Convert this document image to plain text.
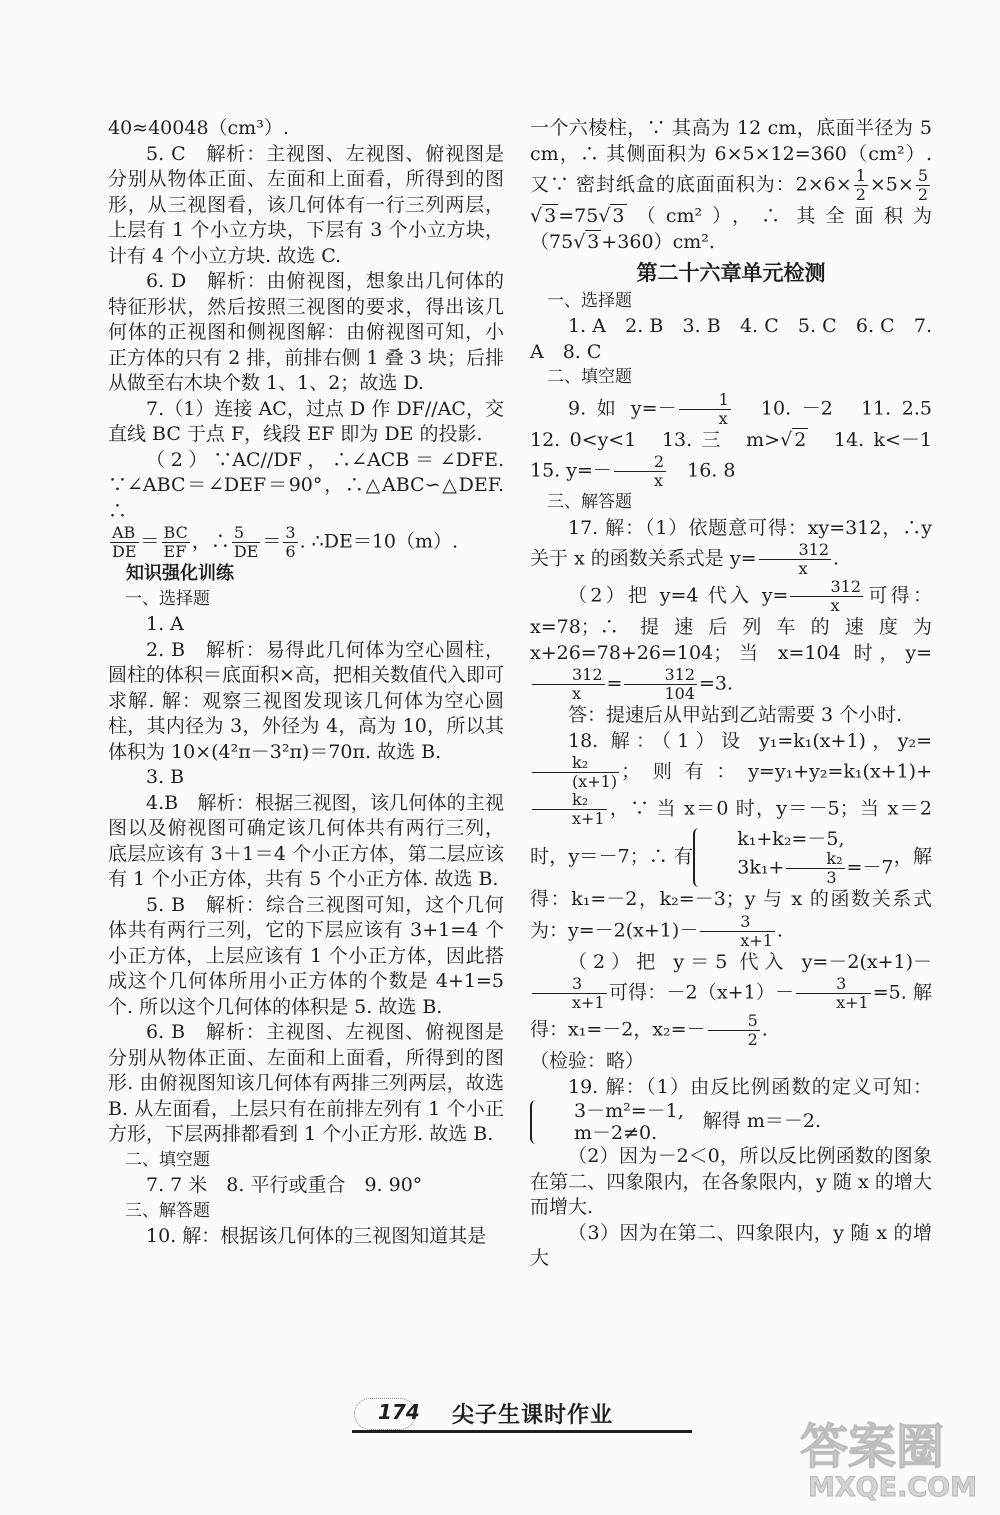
40≈40048（cm³）.

5. C　解析：主视图、左视图、俯视图是分别从物体正面、左面和上面看，所得到的图形，从三视图看，该几何体有一行三列两层，上层有 1 个小立方块，下层有 3 个小立方块，计有 4 个小立方块. 故选 C.

6. D　解析：由俯视图，想象出几何体的特征形状，然后按照三视图的要求，得出该几何体的正视图和侧视图解：由俯视图可知，小正方体的只有 2 排，前排右侧 1 叠 3 块；后排从做至右木块个数 1、1、2；故选 D.

7.（1）连接 AC，过点 D 作 DF//AC，交直线 BC 于点 F，线段 EF 即为 DE 的投影.

（2）∵AC//DF，∴∠ACB＝∠DFE. ∵∠ABC＝∠DEF＝90°，∴△ABC∽△DEF. ∴

$\frac{AB}{DE} = \frac{BC}{EF}$ ，∴ $\frac{5}{DE} = \frac{3}{6}$ . ∴DE＝10（m）.

知识强化训练

一、选择题

1. A

2. B　解析：易得此几何体为空心圆柱，圆柱的体积＝底面积×高，把相关数值代入即可求解. 解：观察三视图发现该几何体为空心圆柱，其内径为 3，外径为 4，高为 10，所以其体积为 10×(4²π－3²π)＝70π. 故选 B.

3. B

4.B　解析：根据三视图，该几何体的主视图以及俯视图可确定该几何体共有两行三列，底层应该有 3＋1＝4 个小正方体，第二层应该有 1 个小正方体，共有 5 个小正方体. 故选 B.

5. B　解析：综合三视图可知，这个几何体共有两行三列，它的下层应该有 3+1=4 个小正方体，上层应该有 1 个小正方体，因此搭成这个几何体所用小正方体的个数是 4+1=5 个. 所以这个几何体的体积是 5. 故选 B.

6. B　解析：主视图、左视图、俯视图是分别从物体正面、左面和上面看，所得到的图形. 由俯视图知该几何体有两排三列两层，故选 B. 从左面看，上层只有在前排左列有 1 个小正方形，下层两排都看到 1 个小正方形. 故选 B.

二、填空题

7. 7 米　8. 平行或重合　9. 90°

三、解答题

10. 解：根据该几何体的三视图知道其是

一个六棱柱，∵ 其高为 12 cm，底面半径为 5 cm，∴ 其侧面积为 6×5×12=360（cm²）. 又∵ 密封纸盒的底面面积为：$2\times 6\times \frac{1}{2} \times 5\times \frac{5}{2}$
√ 3 =75√ 3 （cm²），∴ 其全面积为（75√ 3 +360）cm².

第二十六章单元检测

一、选择题

1. A　2. B　3. B　4. C　5. C　6. C　7. A　8. C

二、填空题

9. 如 $y=- \frac{1}{x}$ 　10. －2　11. 2.5　12. 0<y<1　13. 三　m>√ 2　14. k<－1　15. $y=- \frac{2}{x}$ 　16. 8

三、解答题

17. 解：（1）依题意可得：xy=312，∴y 关于 x 的函数关系式是 $y= \frac{312}{x}$ .

（2）把 y=4 代入 $y= \frac{312}{x}$ 可得：x=78；∴ 提速后列车的速度为 x+26=78+26=104；当 x=104 时，y=
$\frac{312}{x} = \frac{312}{104} =3$.

答：提速后从甲站到乙站需要 3 个小时.

18. 解：（1）设 y₁=k₁(x+1)，y₂=
$\frac{\text{k₂}}{(x+1)}$ ；则有：y=y₁+y₂=k₁(x+1)+
$\frac{\text{k₂}}{x+1}$ ，∵ 当 x＝0 时，y＝－5；当 x＝2 时，y＝－7；∴ 有
k₁+k₂=－5,
$3k_1+ \frac{\text{k₂}}{3} =-7$ ，解得：k₁=－2，k₂=－3；y 与 x 的函数关系式为：$y=-2(x+1)- \frac{3}{x+1}$ .

（2）把 y＝5 代入 y=－2(x+1)－
$\frac{3}{x+1}$ 可得：$-2(x+1)- \frac{3}{x+1} =5$. 解得：x₁=－2，$x_2=- \frac{5}{2}$ .

（检验：略）

19. 解：（1）由反比例函数的定义可知：
3－m²=－1,
m－2≠0.
　解得 m＝－2.

（2）因为－2＜0，所以反比例函数的图象在第二、四象限内，在各象限内，y 随 x 的增大而增大.

（3）因为在第二、四象限内，y 随 x 的增大

174 尖子生课时作业
答案圈
MXQE.COM
